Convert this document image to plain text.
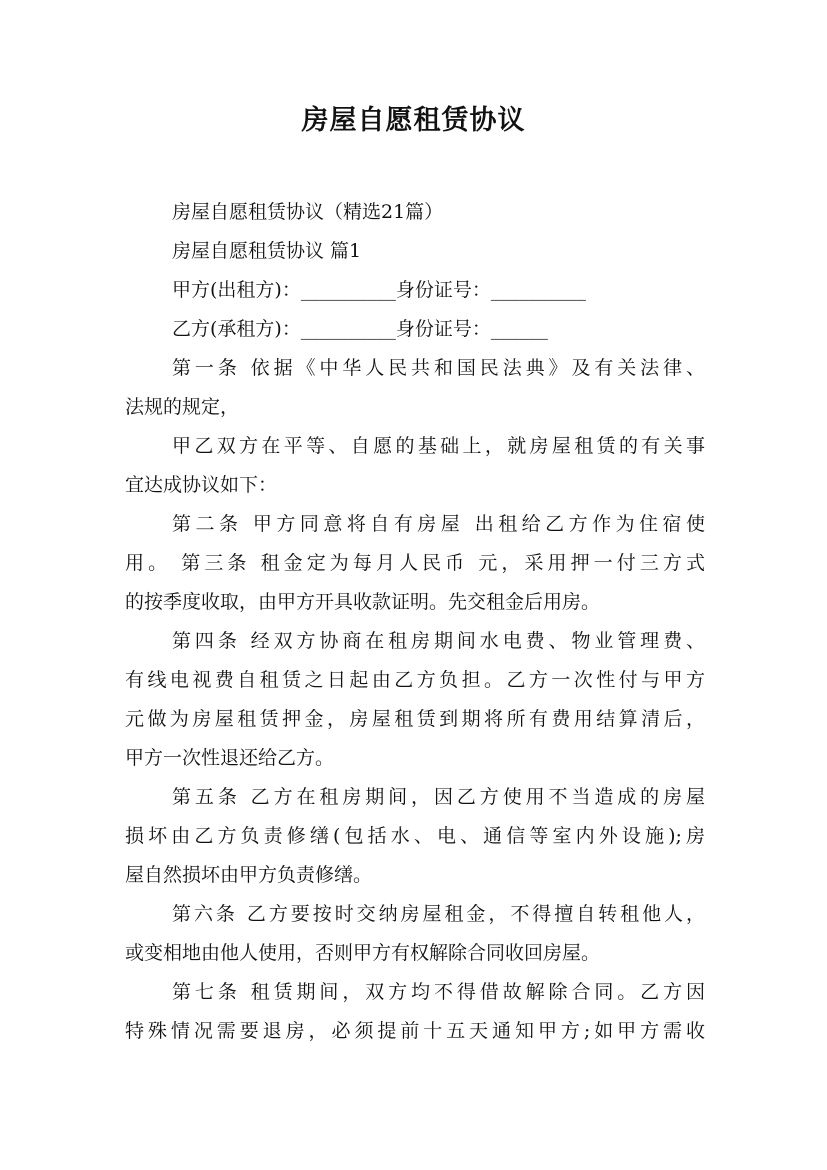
房屋自愿租赁协议
房屋自愿租赁协议（精选21篇）
房屋自愿租赁协议 篇1
甲方(出租方)：__________身份证号：__________
乙方(承租方)：__________身份证号：______
第一条 依据《中华人民共和国民法典》及有关法律、
法规的规定，
甲乙双方在平等、自愿的基础上，就房屋租赁的有关事
宜达成协议如下：
第二条 甲方同意将自有房屋 出租给乙方作为住宿使
用。 第三条 租金定为每月人民币 元，采用押一付三方式
的按季度收取，由甲方开具收款证明。先交租金后用房。
第四条 经双方协商在租房期间水电费、物业管理费、
有线电视费自租赁之日起由乙方负担。乙方一次性付与甲方
元做为房屋租赁押金，房屋租赁到期将所有费用结算清后，
甲方一次性退还给乙方。
第五条 乙方在租房期间，因乙方使用不当造成的房屋
损坏由乙方负责修缮(包括水、电、通信等室内外设施);房
屋自然损坏由甲方负责修缮。
第六条 乙方要按时交纳房屋租金，不得擅自转租他人，
或变相地由他人使用，否则甲方有权解除合同收回房屋。
第七条 租赁期间，双方均不得借故解除合同。乙方因
特殊情况需要退房，必须提前十五天通知甲方;如甲方需收
